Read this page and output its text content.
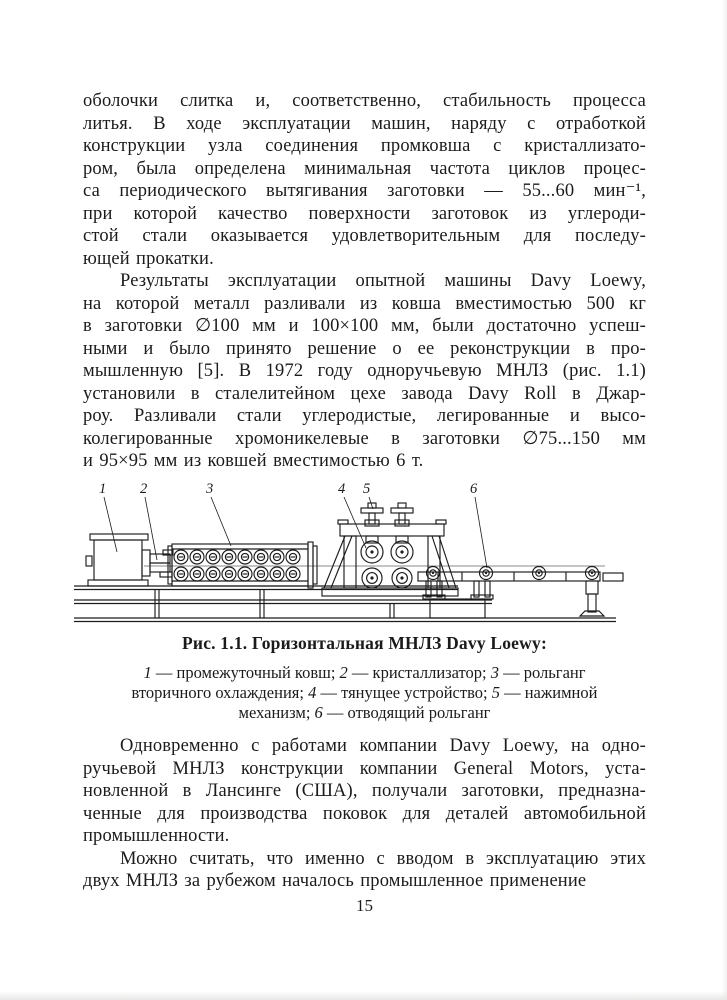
оболочки слитка и, соответственно, стабильность процесса
литья. В ходе эксплуатации машин, наряду с отработкой
конструкции узла соединения промковша с кристаллизато-
ром, была определена минимальная частота циклов процес-
са периодического вытягивания заготовки — 55...60 мин⁻¹,
при которой качество поверхности заготовок из углероди-
стой стали оказывается удовлетворительным для последу-
ющей прокатки.
Результаты эксплуатации опытной машины Davy Loewy,
на которой металл разливали из ковша вместимостью 500 кг
в заготовки ∅100 мм и 100×100 мм, были достаточно успеш-
ными и было принято решение о ее реконструкции в про-
мышленную [5]. В 1972 году одноручьевую МНЛЗ (рис. 1.1)
установили в сталелитейном цехе завода Davy Roll в Джар-
роу. Разливали стали углеродистые, легированные и высо-
колегированные хромоникелевые в заготовки ∅75...150 мм
и 95×95 мм из ковшей вместимостью 6 т.
1 2	3	4 5	6
Рис. 1.1. Горизонтальная МНЛЗ Davy Loewy:
1 — промежуточный ковш; 2 — кристаллизатор; 3 — рольганг
вторичного охлаждения; 4 — тянущее устройство; 5 — нажимной
механизм; 6 — отводящий рольганг
Одновременно с работами компании Davy Loewy, на одно-
ручьевой МНЛЗ конструкции компании General Motors, уста-
новленной в Лансинге (США), получали заготовки, предназна-
ченные для производства поковок для деталей автомобильной
промышленности.
Можно считать, что именно с вводом в эксплуатацию этих
двух МНЛЗ за рубежом началось промышленное применение
15
